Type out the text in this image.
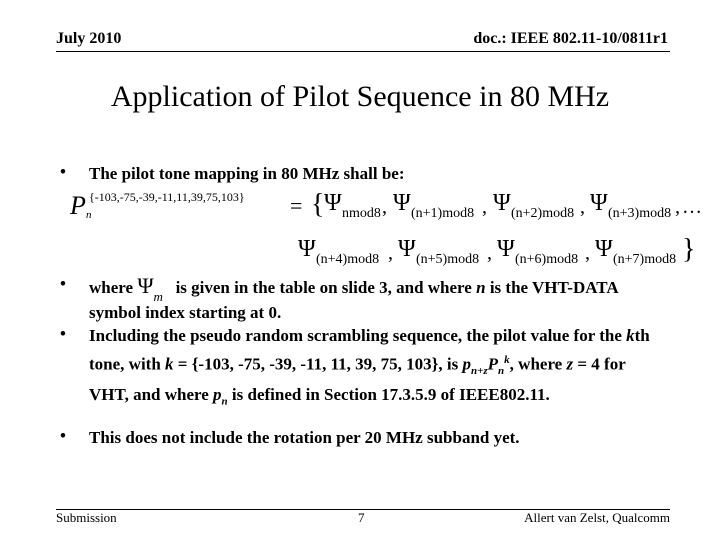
July 2010	doc.: IEEE 802.11-10/0811r1
Application of Pilot Sequence in 80 MHz
• The pilot tone mapping in 80 MHz shall be:
P {-103,-75,-39,-11,11,39,75,103}
n	= { Ψ nmod8 , Ψ (n+1)mod8 , Ψ (n+2)mod8 , Ψ (n+3)mod8 , …
Ψ (n+4)mod8 , Ψ (n+5)mod8 , Ψ (n+6)mod8 , Ψ (n+7)mod8 }
• where $\Psi_m$ is given in the table on slide 3, and where n is the VHT-DATA symbol index starting at 0.
• Including the pseudo random scrambling sequence, the pilot value for the kth tone, with k = {-103, -75, -39, -11, 11, 39, 75, 103}, is $p_{n+z}P_n^k$, where z = 4 for VHT, and where $p_n$ is defined in Section 17.3.5.9 of IEEE802.11.
• This does not include the rotation per 20 MHz subband yet.
Submission	7	Allert van Zelst, Qualcomm
